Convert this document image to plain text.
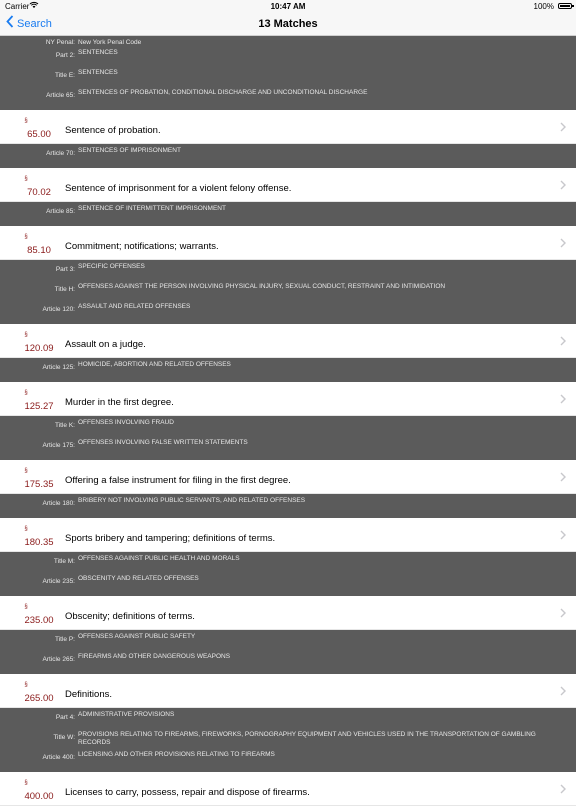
Carrier	10:47 AM	100%
Search	13 Matches
NY Penal: New York Penal Code
Part 2: SENTENCES
Title E: SENTENCES
Article 65: SENTENCES OF PROBATION, CONDITIONAL DISCHARGE AND UNCONDITIONAL DISCHARGE
§
65.00	Sentence of probation.
Article 70: SENTENCES OF IMPRISONMENT
§
70.02	Sentence of imprisonment for a violent felony offense.
Article 85: SENTENCE OF INTERMITTENT IMPRISONMENT
§
85.10	Commitment; notifications; warrants.
Part 3: SPECIFIC OFFENSES
Title H: OFFENSES AGAINST THE PERSON INVOLVING PHYSICAL INJURY, SEXUAL CONDUCT, RESTRAINT AND INTIMIDATION
Article 120: ASSAULT AND RELATED OFFENSES
§
120.09	Assault on a judge.
Article 125: HOMICIDE, ABORTION AND RELATED OFFENSES
§
125.27	Murder in the first degree.
Title K: OFFENSES INVOLVING FRAUD
Article 175: OFFENSES INVOLVING FALSE WRITTEN STATEMENTS
§
175.35	Offering a false instrument for filing in the first degree.
Article 180: BRIBERY NOT INVOLVING PUBLIC SERVANTS, AND RELATED OFFENSES
§
180.35	Sports bribery and tampering; definitions of terms.
Title M: OFFENSES AGAINST PUBLIC HEALTH AND MORALS
Article 235: OBSCENITY AND RELATED OFFENSES
§
235.00	Obscenity; definitions of terms.
Title P: OFFENSES AGAINST PUBLIC SAFETY
Article 265: FIREARMS AND OTHER DANGEROUS WEAPONS
§
265.00	Definitions.
Part 4: ADMINISTRATIVE PROVISIONS
Title W: PROVISIONS RELATING TO FIREARMS, FIREWORKS, PORNOGRAPHY EQUIPMENT AND VEHICLES USED IN THE TRANSPORTATION OF GAMBLING RECORDS
Article 400: LICENSING AND OTHER PROVISIONS RELATING TO FIREARMS
§
400.00	Licenses to carry, possess, repair and dispose of firearms.
